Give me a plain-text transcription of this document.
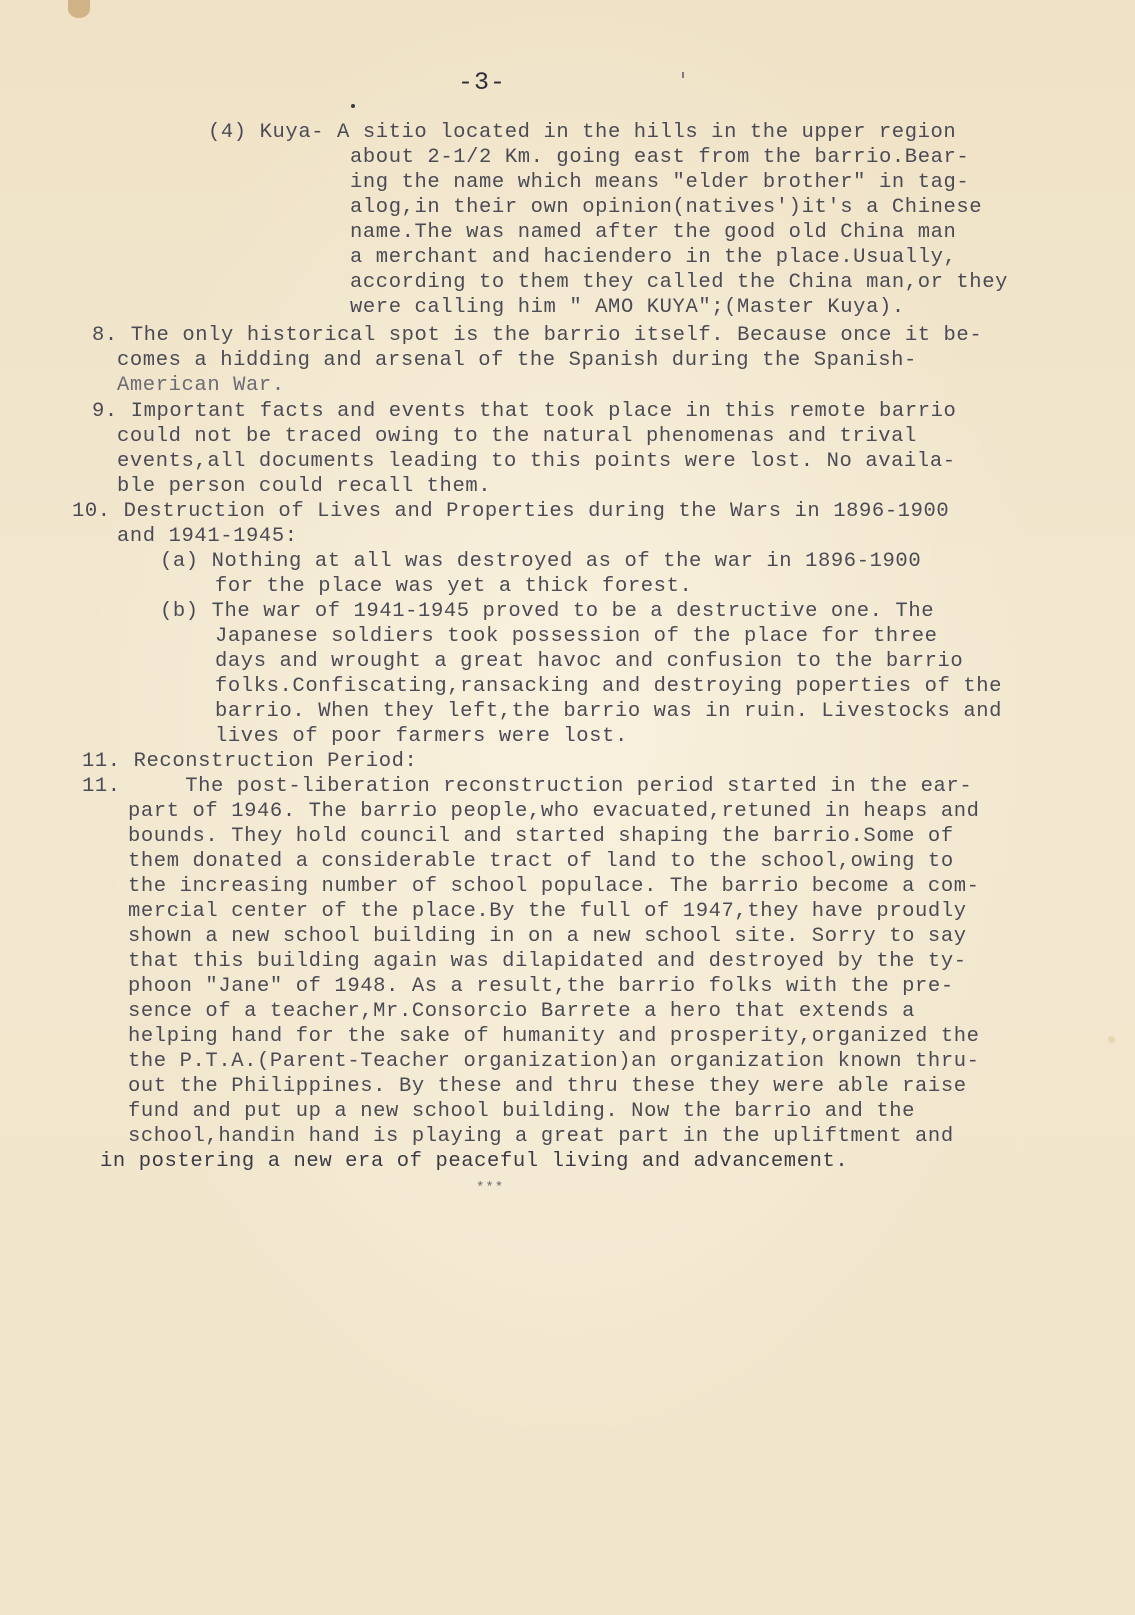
-3-
(4) Kuya- A sitio located in the hills in the upper region
about 2-1/2 Km. going east from the barrio.Bear-
ing the name which means "elder brother" in tag-
alog,in their own opinion(natives')it's a Chinese
name.The was named after the good old China man
a merchant and haciendero in the place.Usually,
according to them they called the China man,or they
were calling him " AMO KUYA";(Master Kuya).
8. The only historical spot is the barrio itself. Because once it be-
comes a hidding and arsenal of the Spanish during the Spanish-
American War.
9. Important facts and events that took place in this remote barrio
could not be traced owing to the natural phenomenas and trival
events,all documents leading to this points were lost. No availa-
ble person could recall them.
10. Destruction of Lives and Properties during the Wars in 1896-1900
and 1941-1945:
(a) Nothing at all was destroyed as of the war in 1896-1900
for the place was yet a thick forest.
(b) The war of 1941-1945 proved to be a destructive one. The
Japanese soldiers took possession of the place for three
days and wrought a great havoc and confusion to the barrio
folks.Confiscating,ransacking and destroying poperties of the
barrio. When they left,the barrio was in ruin. Livestocks and
lives of poor farmers were lost.
11. Reconstruction Period:
11.     The post-liberation reconstruction period started in the ear-
part of 1946. The barrio people,who evacuated,retuned in heaps and
bounds. They hold council and started shaping the barrio.Some of
them donated a considerable tract of land to the school,owing to
the increasing number of school populace. The barrio become a com-
mercial center of the place.By the full of 1947,they have proudly
shown a new school building in on a new school site. Sorry to say
that this building again was dilapidated and destroyed by the ty-
phoon "Jane" of 1948. As a result,the barrio folks with the pre-
sence of a teacher,Mr.Consorcio Barrete a hero that extends a
helping hand for the sake of humanity and prosperity,organized the
the P.T.A.(Parent-Teacher organization)an organization known thru-
out the Philippines. By these and thru these they were able raise
fund and put up a new school building. Now the barrio and the
school,handin hand is playing a great part in the upliftment and
in postering a new era of peaceful living and advancement.
***
